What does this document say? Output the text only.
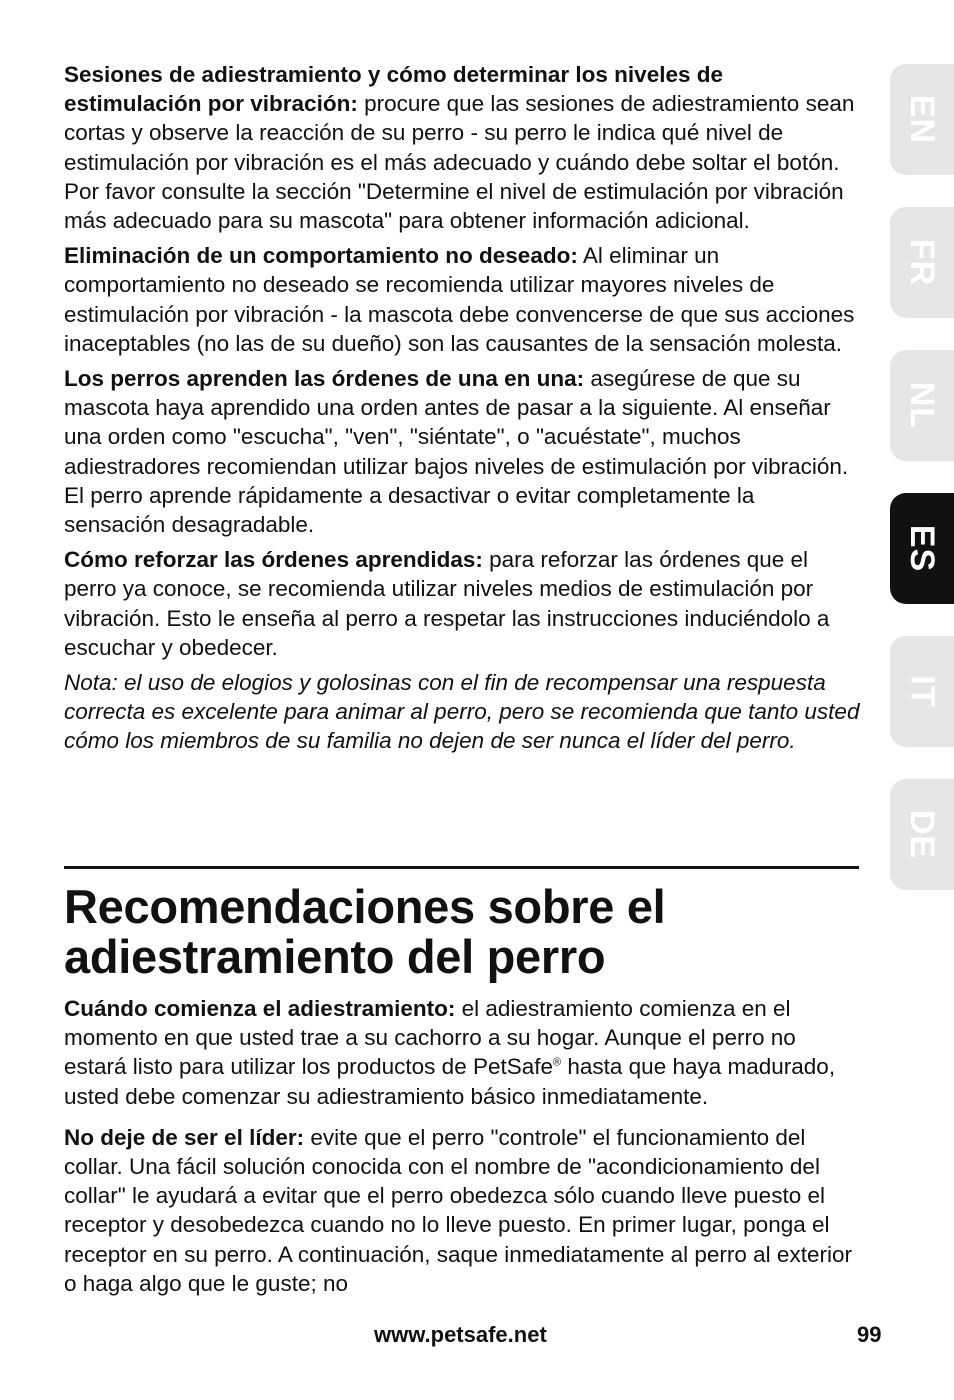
Sesiones de adiestramiento y cómo determinar los niveles de estimulación por vibración: procure que las sesiones de adiestramiento sean cortas y observe la reacción de su perro - su perro le indica qué nivel de estimulación por vibración es el más adecuado y cuándo debe soltar el botón. Por favor consulte la sección "Determine el nivel de estimulación por vibración más adecuado para su mascota" para obtener información adicional.

Eliminación de un comportamiento no deseado: Al eliminar un comportamiento no deseado se recomienda utilizar mayores niveles de estimulación por vibración - la mascota debe convencerse de que sus acciones inaceptables (no las de su dueño) son las causantes de la sensación molesta.

Los perros aprenden las órdenes de una en una: asegúrese de que su mascota haya aprendido una orden antes de pasar a la siguiente. Al enseñar una orden como "escucha", "ven", "siéntate", o "acuéstate", muchos adiestradores recomiendan utilizar bajos niveles de estimulación por vibración. El perro aprende rápidamente a desactivar o evitar completamente la sensación desagradable.

Cómo reforzar las órdenes aprendidas: para reforzar las órdenes que el perro ya conoce, se recomienda utilizar niveles medios de estimulación por vibración. Esto le enseña al perro a respetar las instrucciones induciéndolo a escuchar y obedecer.

Nota: el uso de elogios y golosinas con el fin de recompensar una respuesta correcta es excelente para animar al perro, pero se recomienda que tanto usted cómo los miembros de su familia no dejen de ser nunca el líder del perro.

Recomendaciones sobre el adiestramiento del perro

Cuándo comienza el adiestramiento: el adiestramiento comienza en el momento en que usted trae a su cachorro a su hogar. Aunque el perro no estará listo para utilizar los productos de PetSafe® hasta que haya madurado, usted debe comenzar su adiestramiento básico inmediatamente.

No deje de ser el líder: evite que el perro "controle" el funcionamiento del collar. Una fácil solución conocida con el nombre de "acondicionamiento del collar" le ayudará a evitar que el perro obedezca sólo cuando lleve puesto el receptor y desobedezca cuando no lo lleve puesto. En primer lugar, ponga el receptor en su perro. A continuación, saque inmediatamente al perro al exterior o haga algo que le guste; no

EN
FR
NL
ES
IT
DE
www.petsafe.net	99
